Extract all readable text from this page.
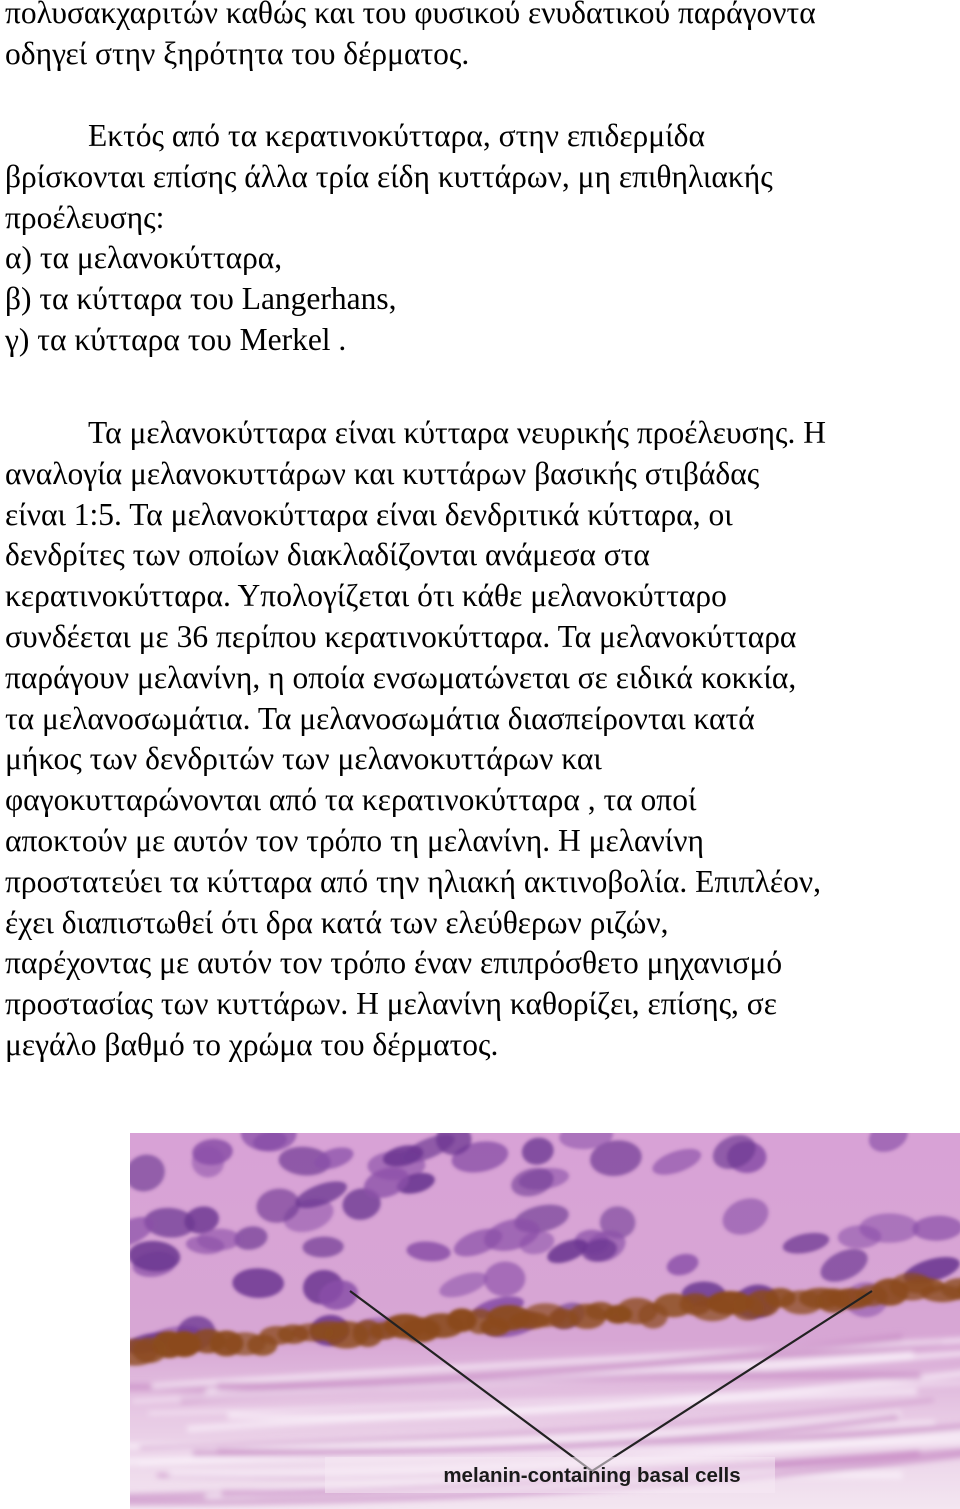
πολυσακχαριτών καθώς και του φυσικού ενυδατικού παράγοντα
οδηγεί στην ξηρότητα του δέρματος.
Εκτός από τα κερατινοκύτταρα, στην επιδερμίδα
βρίσκονται επίσης άλλα τρία είδη κυττάρων, μη επιθηλιακής
προέλευσης:
α) τα μελανοκύτταρα,
β) τα κύτταρα του Langerhans,
γ) τα κύτταρα του Merkel .
Τα μελανοκύτταρα είναι κύτταρα νευρικής προέλευσης. Η
αναλογία μελανοκυττάρων και κυττάρων βασικής στιβάδας
είναι 1:5. Τα μελανοκύτταρα είναι δενδριτικά κύτταρα, οι
δενδρίτες των οποίων διακλαδίζονται ανάμεσα στα
κερατινοκύτταρα. Υπολογίζεται ότι κάθε μελανοκύτταρο
συνδέεται με 36 περίπου κερατινοκύτταρα. Τα μελανοκύτταρα
παράγουν μελανίνη, η οποία ενσωματώνεται σε ειδικά κοκκία,
τα μελανοσωμάτια. Τα μελανοσωμάτια διασπείρονται κατά
μήκος των δενδριτών των μελανοκυττάρων και
φαγοκυτταρώνονται από τα κερατινοκύτταρα , τα οποί
αποκτούν με αυτόν τον τρόπο τη μελανίνη. Η μελανίνη
προστατεύει τα κύτταρα από την ηλιακή ακτινοβολία. Επιπλέον,
έχει διαπιστωθεί ότι δρα κατά των ελεύθερων ριζών,
παρέχοντας με αυτόν τον τρόπο έναν επιπρόσθετο μηχανισμό
προστασίας των κυττάρων. Η μελανίνη καθορίζει, επίσης, σε
μεγάλο βαθμό το χρώμα του δέρματος.
melanin-containing basal cells
